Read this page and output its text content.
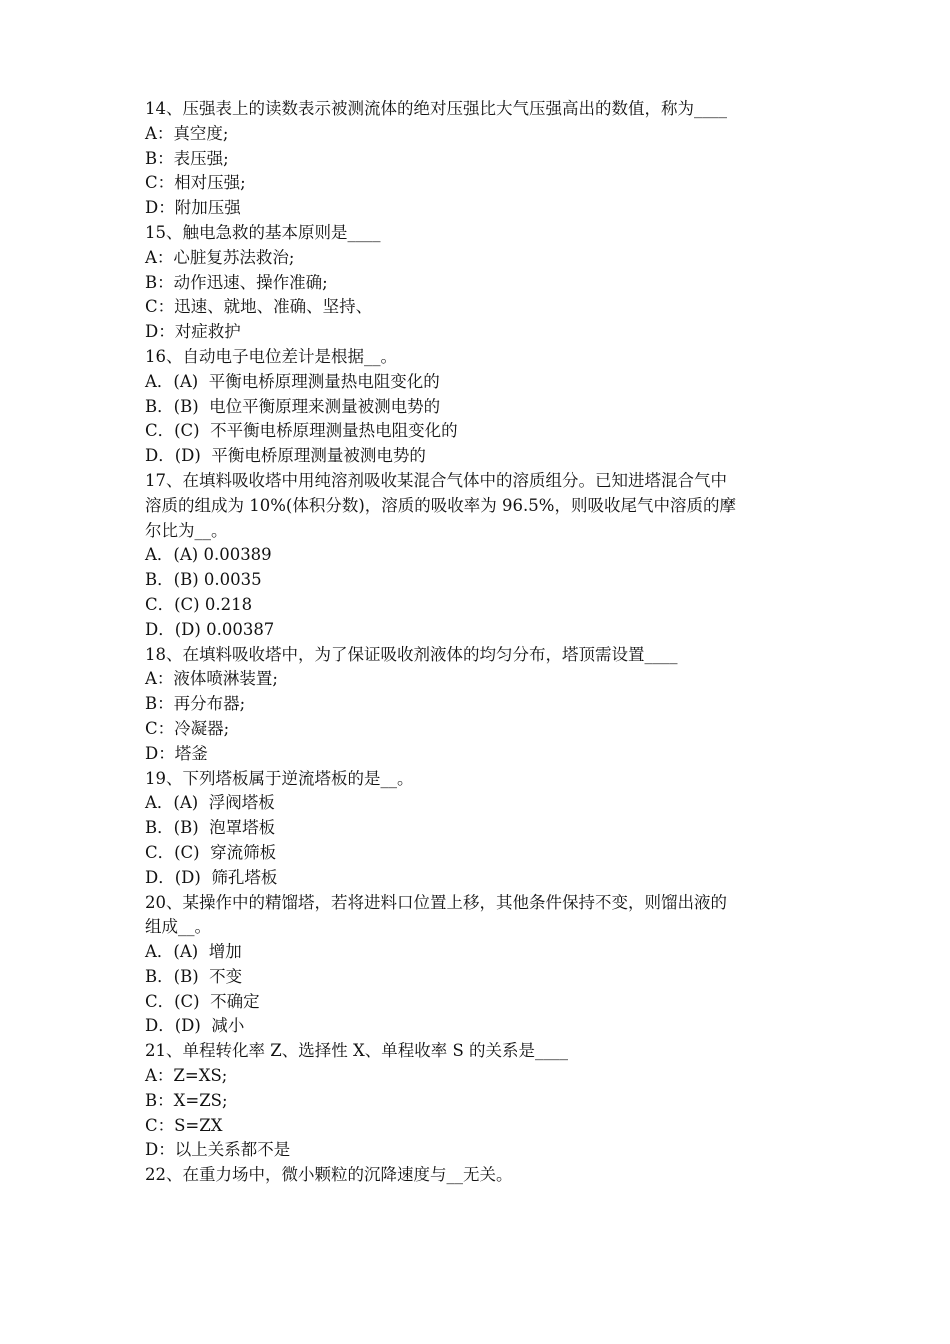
14、压强表上的读数表示被测流体的绝对压强比大气压强高出的数值，称为____
A：真空度;
B：表压强;
C：相对压强;
D：附加压强
15、触电急救的基本原则是____
A：心脏复苏法救治;
B：动作迅速、操作准确;
C：迅速、就地、准确、坚持、
D：对症救护
16、自动电子电位差计是根据__。
A．(A)  平衡电桥原理测量热电阻变化的
B．(B)  电位平衡原理来测量被测电势的
C．(C)  不平衡电桥原理测量热电阻变化的
D．(D)  平衡电桥原理测量被测电势的
17、在填料吸收塔中用纯溶剂吸收某混合气体中的溶质组分。已知进塔混合气中
溶质的组成为 10%(体积分数)，溶质的吸收率为 96.5%，则吸收尾气中溶质的摩
尔比为__。
A．(A) 0.00389
B．(B) 0.0035
C．(C) 0.218
D．(D) 0.00387
18、在填料吸收塔中，为了保证吸收剂液体的均匀分布，塔顶需设置____
A：液体喷淋装置;
B：再分布器;
C：冷凝器;
D：塔釜
19、下列塔板属于逆流塔板的是__。
A．(A)  浮阀塔板
B．(B)  泡罩塔板
C．(C)  穿流筛板
D．(D)  筛孔塔板
20、某操作中的精馏塔，若将进料口位置上移，其他条件保持不变，则馏出液的
组成__。
A．(A)  增加
B．(B)  不变
C．(C)  不确定
D．(D)  减小
21、单程转化率 Z、选择性 X、单程收率 S 的关系是____
A：Z=XS;
B：X=ZS;
C：S=ZX
D：以上关系都不是
22、在重力场中，微小颗粒的沉降速度与__无关。
